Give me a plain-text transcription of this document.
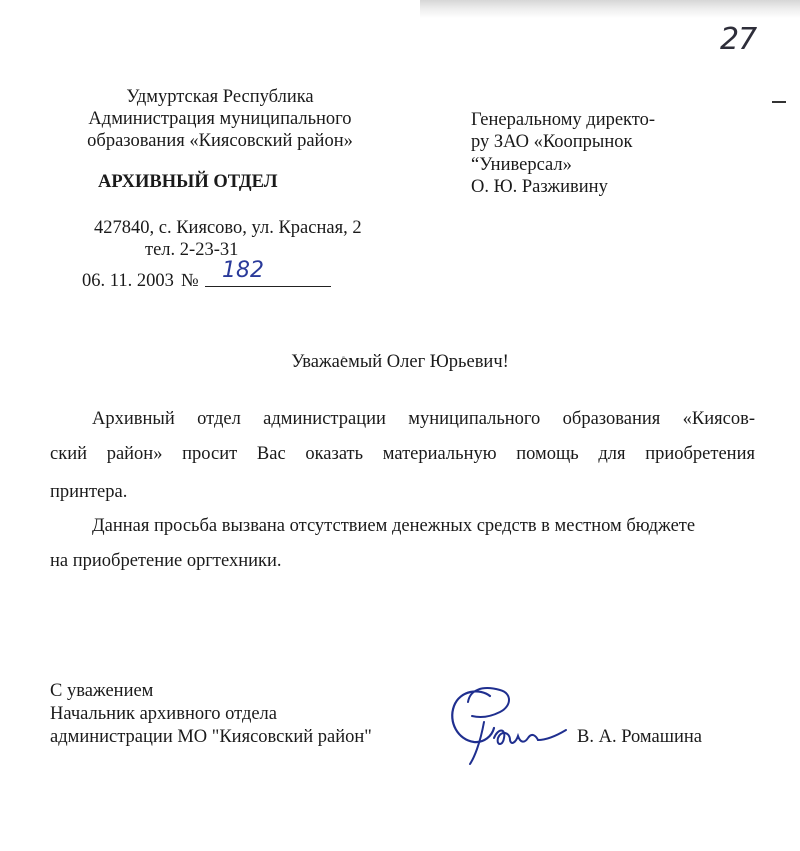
27
Удмуртская Республика
Администрация муниципального
образования «Киясовский район»
АРХИВНЫЙ ОТДЕЛ
427840, с. Киясово, ул. Красная, 2
тел. 2-23-31
06. 11. 2003 № 182
Генеральному директо-
ру ЗАО «Коопрынок
“Универсал»
О. Ю. Разживину
Уважаемый Олег Юрьевич!
Архивный отдел администрации муниципального образования «Киясов-
ский район» просит Вас оказать материальную помощь для приобретения
принтера.
Данная просьба вызвана отсутствием денежных средств в местном бюджете
на приобретение оргтехники.
С уважением
Начальник архивного отдела
администрации МО "Киясовский район"	В. А. Ромашина
